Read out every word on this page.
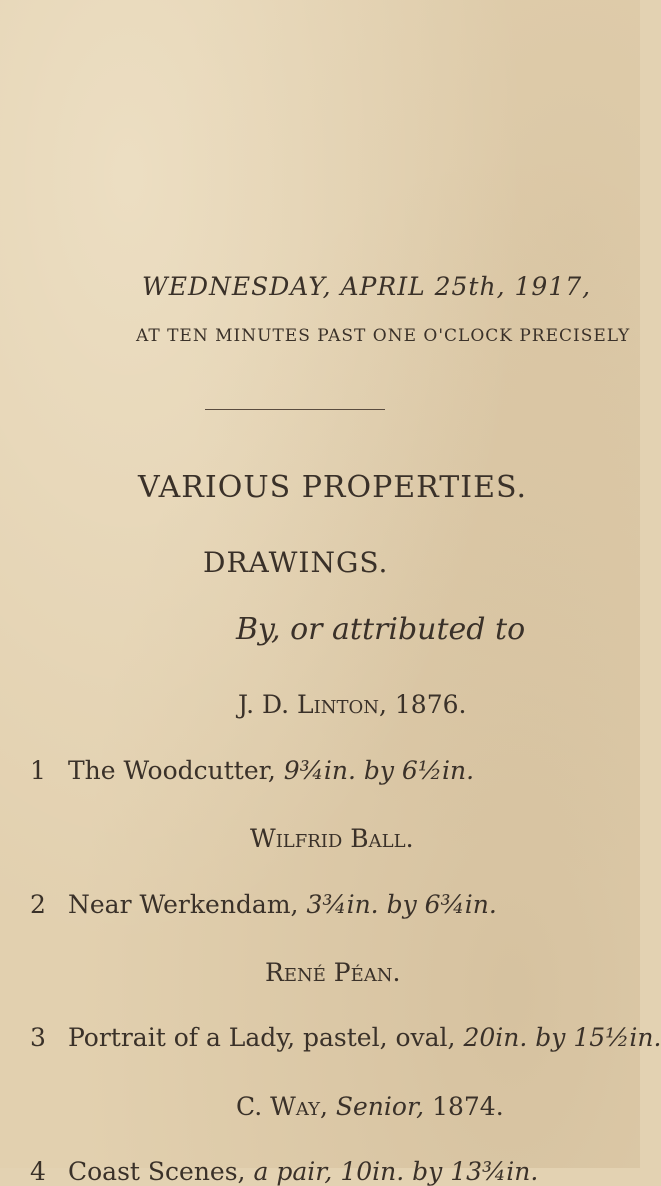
WEDNESDAY, APRIL 25th, 1917,

AT TEN MINUTES PAST ONE O'CLOCK PRECISELY

VARIOUS PROPERTIES.

DRAWINGS.

By, or attributed to

J. D. Linton, 1876.

1 The Woodcutter, 9¾in. by 6½in.

Wilfrid Ball.

2 Near Werkendam, 3¾in. by 6¾in.

René Péan.

3 Portrait of a Lady, pastel, oval, 20in. by 15½in.

C. Way, Senior, 1874.

4 Coast Scenes, a pair, 10in. by 13¾in.
